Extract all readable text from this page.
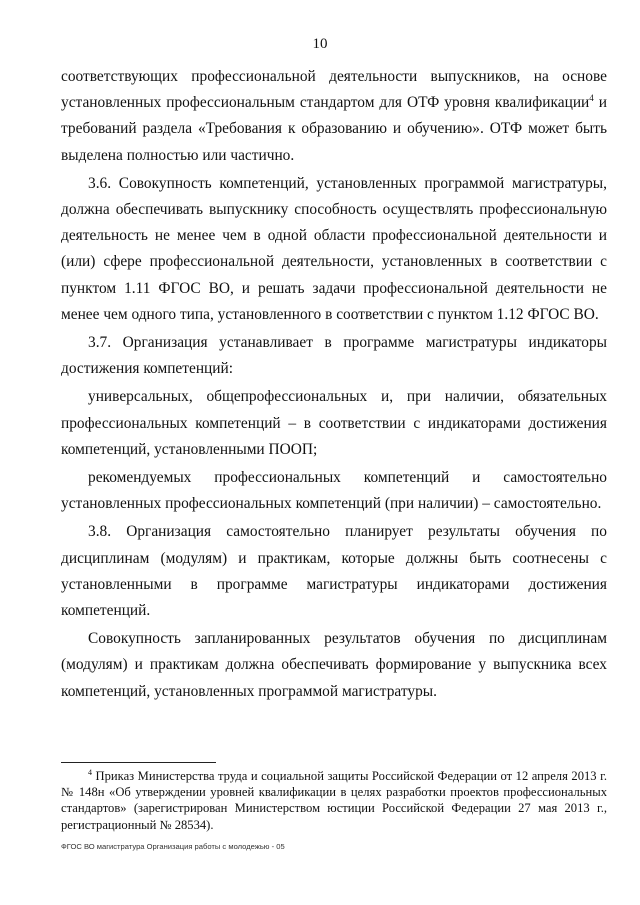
10

соответствующих профессиональной деятельности выпускников, на основе установленных профессиональным стандартом для ОТФ уровня квалификации$^4$ и требований раздела «Требования к образованию и обучению». ОТФ может быть выделена полностью или частично.

3.6. Совокупность компетенций, установленных программой магистратуры, должна обеспечивать выпускнику способность осуществлять профессиональную деятельность не менее чем в одной области профессиональной деятельности и (или) сфере профессиональной деятельности, установленных в соответствии с пунктом 1.11 ФГОС ВО, и решать задачи профессиональной деятельности не менее чем одного типа, установленного в соответствии с пунктом 1.12 ФГОС ВО.

3.7. Организация устанавливает в программе магистратуры индикаторы достижения компетенций:

универсальных, общепрофессиональных и, при наличии, обязательных профессиональных компетенций – в соответствии с индикаторами достижения компетенций, установленными ПООП;

рекомендуемых профессиональных компетенций и самостоятельно установленных профессиональных компетенций (при наличии) – самостоятельно.

3.8. Организация самостоятельно планирует результаты обучения по дисциплинам (модулям) и практикам, которые должны быть соотнесены с установленными в программе магистратуры индикаторами достижения компетенций.

Совокупность запланированных результатов обучения по дисциплинам (модулям) и практикам должна обеспечивать формирование у выпускника всех компетенций, установленных программой магистратуры.

$^4$ Приказ Министерства труда и социальной защиты Российской Федерации от 12 апреля 2013 г. № 148н «Об утверждении уровней квалификации в целях разработки проектов профессиональных стандартов» (зарегистрирован Министерством юстиции Российской Федерации 27 мая 2013 г., регистрационный № 28534).

ФГОС ВО магистратура Организация работы с молодежью - 05
